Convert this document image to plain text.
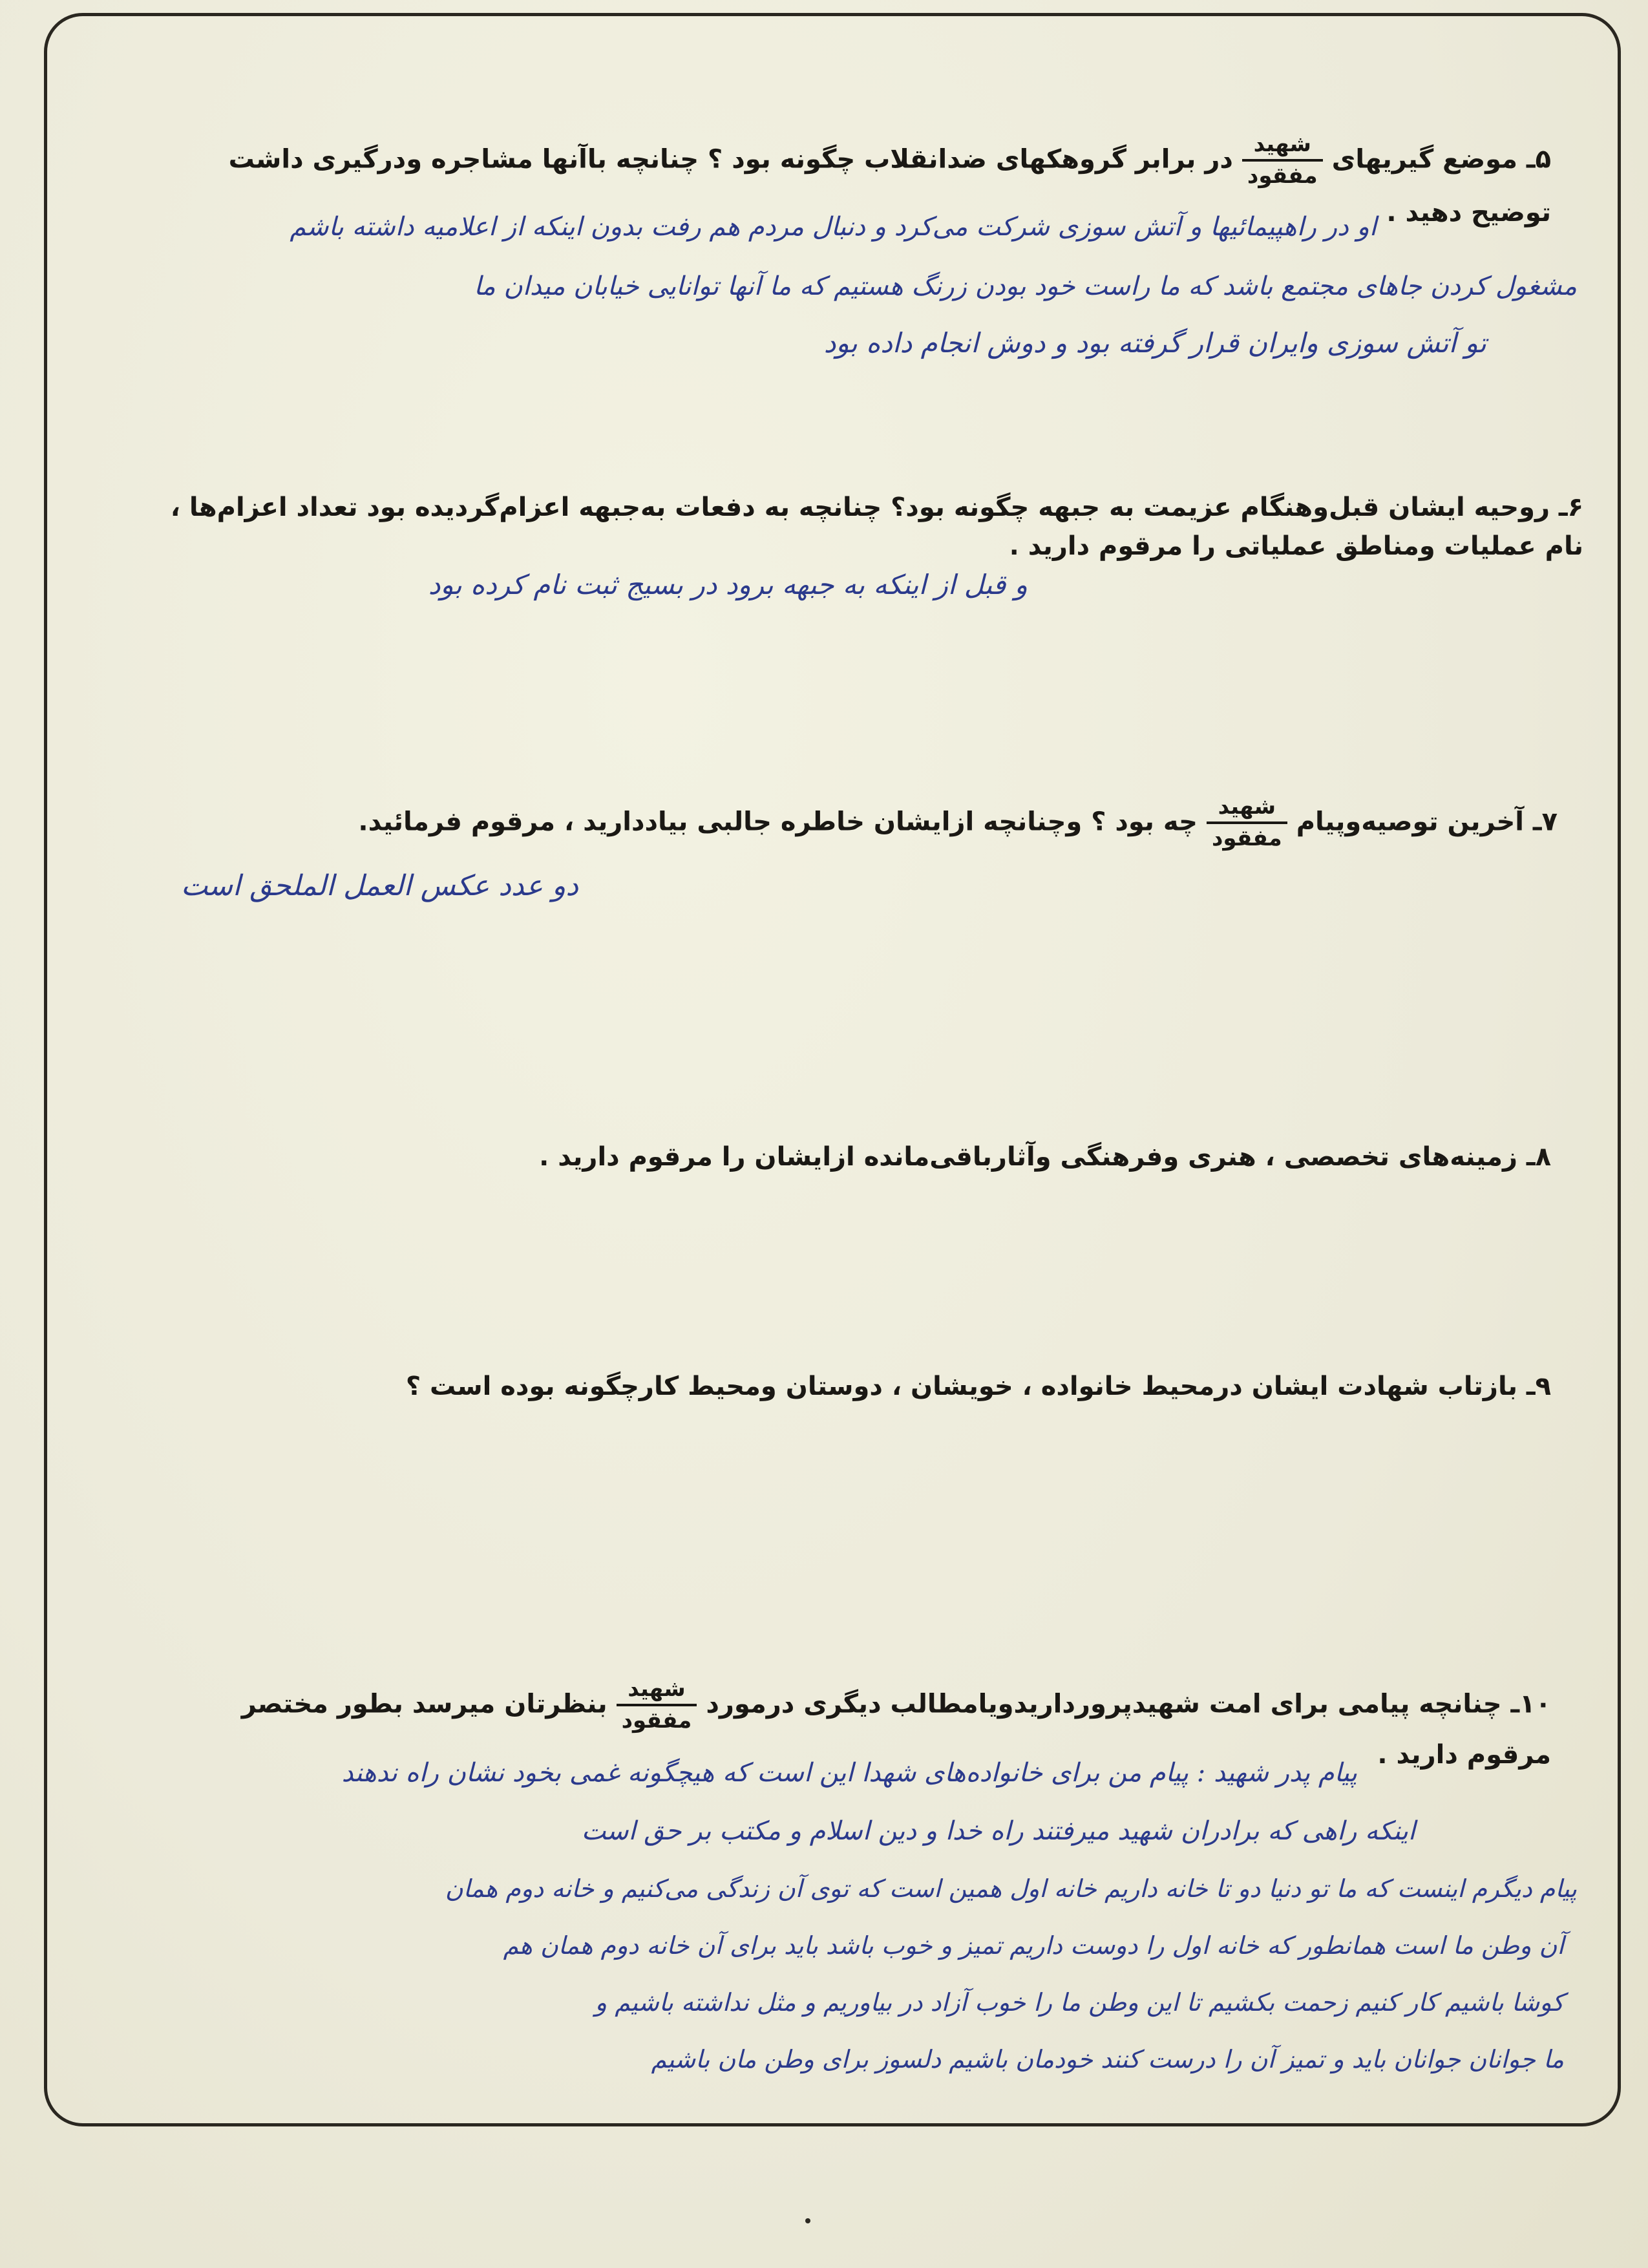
۵ـ موضع گیریهای
$\frac{\text{شهید}}{\text{مفقود}}$
در برابر گروهکهای ضدانقلاب چگونه بود ؟ چنانچه باآنها مشاجره ودرگیری داشت
توضیح دهید .
او در راهپیمائیها و آتش سوزی شرکت می‌کرد و دنبال مردم هم رفت بدون اینکه از اعلامیه داشته باشم
مشغول کردن جاهای مجتمع باشد که ما راست خود بودن زرنگ هستیم که ما آنها توانایی خیابان میدان ما
تو آتش سوزی وایران قرار گرفته بود و دوش انجام داده بود
۶ـ روحیه ایشان قبل‌وهنگام عزیمت به جبهه چگونه بود؟ چنانچه به دفعات به‌جبهه اعزام‌گردیده بود تعداد اعزام‌ها ،
نام عملیات ومناطق عملیاتی را مرقوم دارید .
و قبل از اینکه به جبهه برود در بسیج ثبت نام کرده بود
۷ـ آخرین توصیه‌وپیام
$\frac{\text{شهید}}{\text{مفقود}}$
چه بود ؟ وچنانچه ازایشان خاطره جالبی بیاددارید ، مرقوم فرمائید.
دو عدد عکس العمل الملحق است
۸ـ زمینه‌های تخصصی ، هنری وفرهنگی وآثارباقی‌مانده ازایشان را مرقوم دارید .
۹ـ بازتاب شهادت ایشان درمحیط خانواده ، خویشان ، دوستان ومحیط کارچگونه بوده است ؟
۱۰ـ چنانچه پیامی برای امت شهیدپرورداریدویامطالب دیگری درمورد
$\frac{\text{شهید}}{\text{مفقود}}$
بنظرتان میرسد بطور مختصر
مرقوم دارید .
پیام پدر شهید : پیام من برای خانواده‌های شهدا این است که هیچگونه غمی بخود نشان راه ندهند
اینکه راهی که برادران شهید میرفتند راه خدا و دین اسلام و مکتب بر حق است
پیام دیگرم اینست که ما تو دنیا دو تا خانه داریم خانه اول همین است که توی آن زندگی می‌کنیم و خانه دوم همان
آن وطن ما است همانطور که خانه اول را دوست داریم تمیز و خوب باشد باید برای آن خانه دوم همان هم
کوشا باشیم کار کنیم زحمت بکشیم تا این وطن ما را خوب آزاد در بیاوریم و مثل نداشته باشیم و
ما جوانان جوانان باید و تمیز آن را درست کنند خودمان باشیم دلسوز برای وطن مان باشیم
